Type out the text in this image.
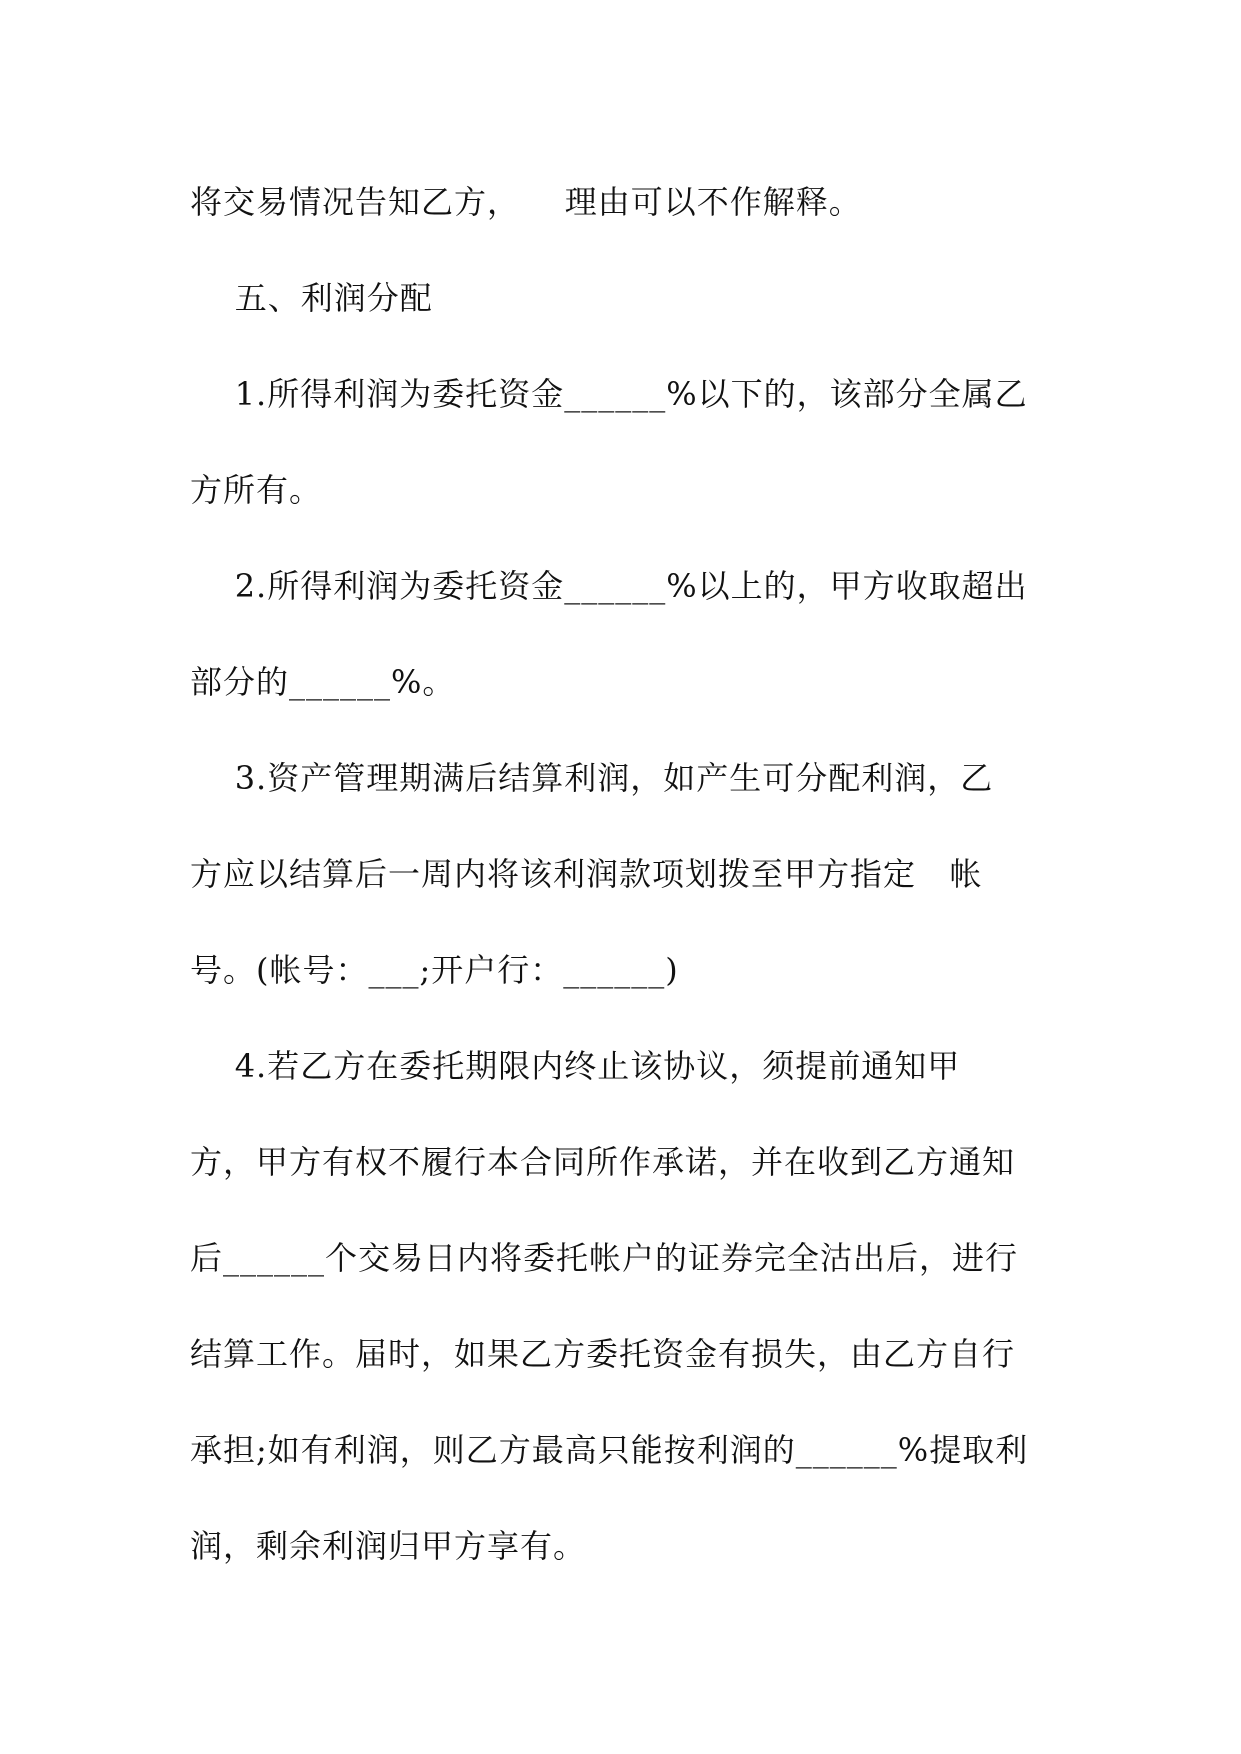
将交易情况告知乙方，    理由可以不作解释。
五、利润分配
1.所得利润为委托资金______%以下的，该部分全属乙
方所有。
2.所得利润为委托资金______%以上的，甲方收取超出
部分的______%。
3.资产管理期满后结算利润，如产生可分配利润，乙
方应以结算后一周内将该利润款项划拨至甲方指定   帐
号。(帐号：___;开户行：______)
4.若乙方在委托期限内终止该协议，须提前通知甲
方，甲方有权不履行本合同所作承诺，并在收到乙方通知
后______个交易日内将委托帐户的证券完全沽出后，进行
结算工作。届时，如果乙方委托资金有损失，由乙方自行
承担;如有利润，则乙方最高只能按利润的______%提取利
润，剩余利润归甲方享有。
